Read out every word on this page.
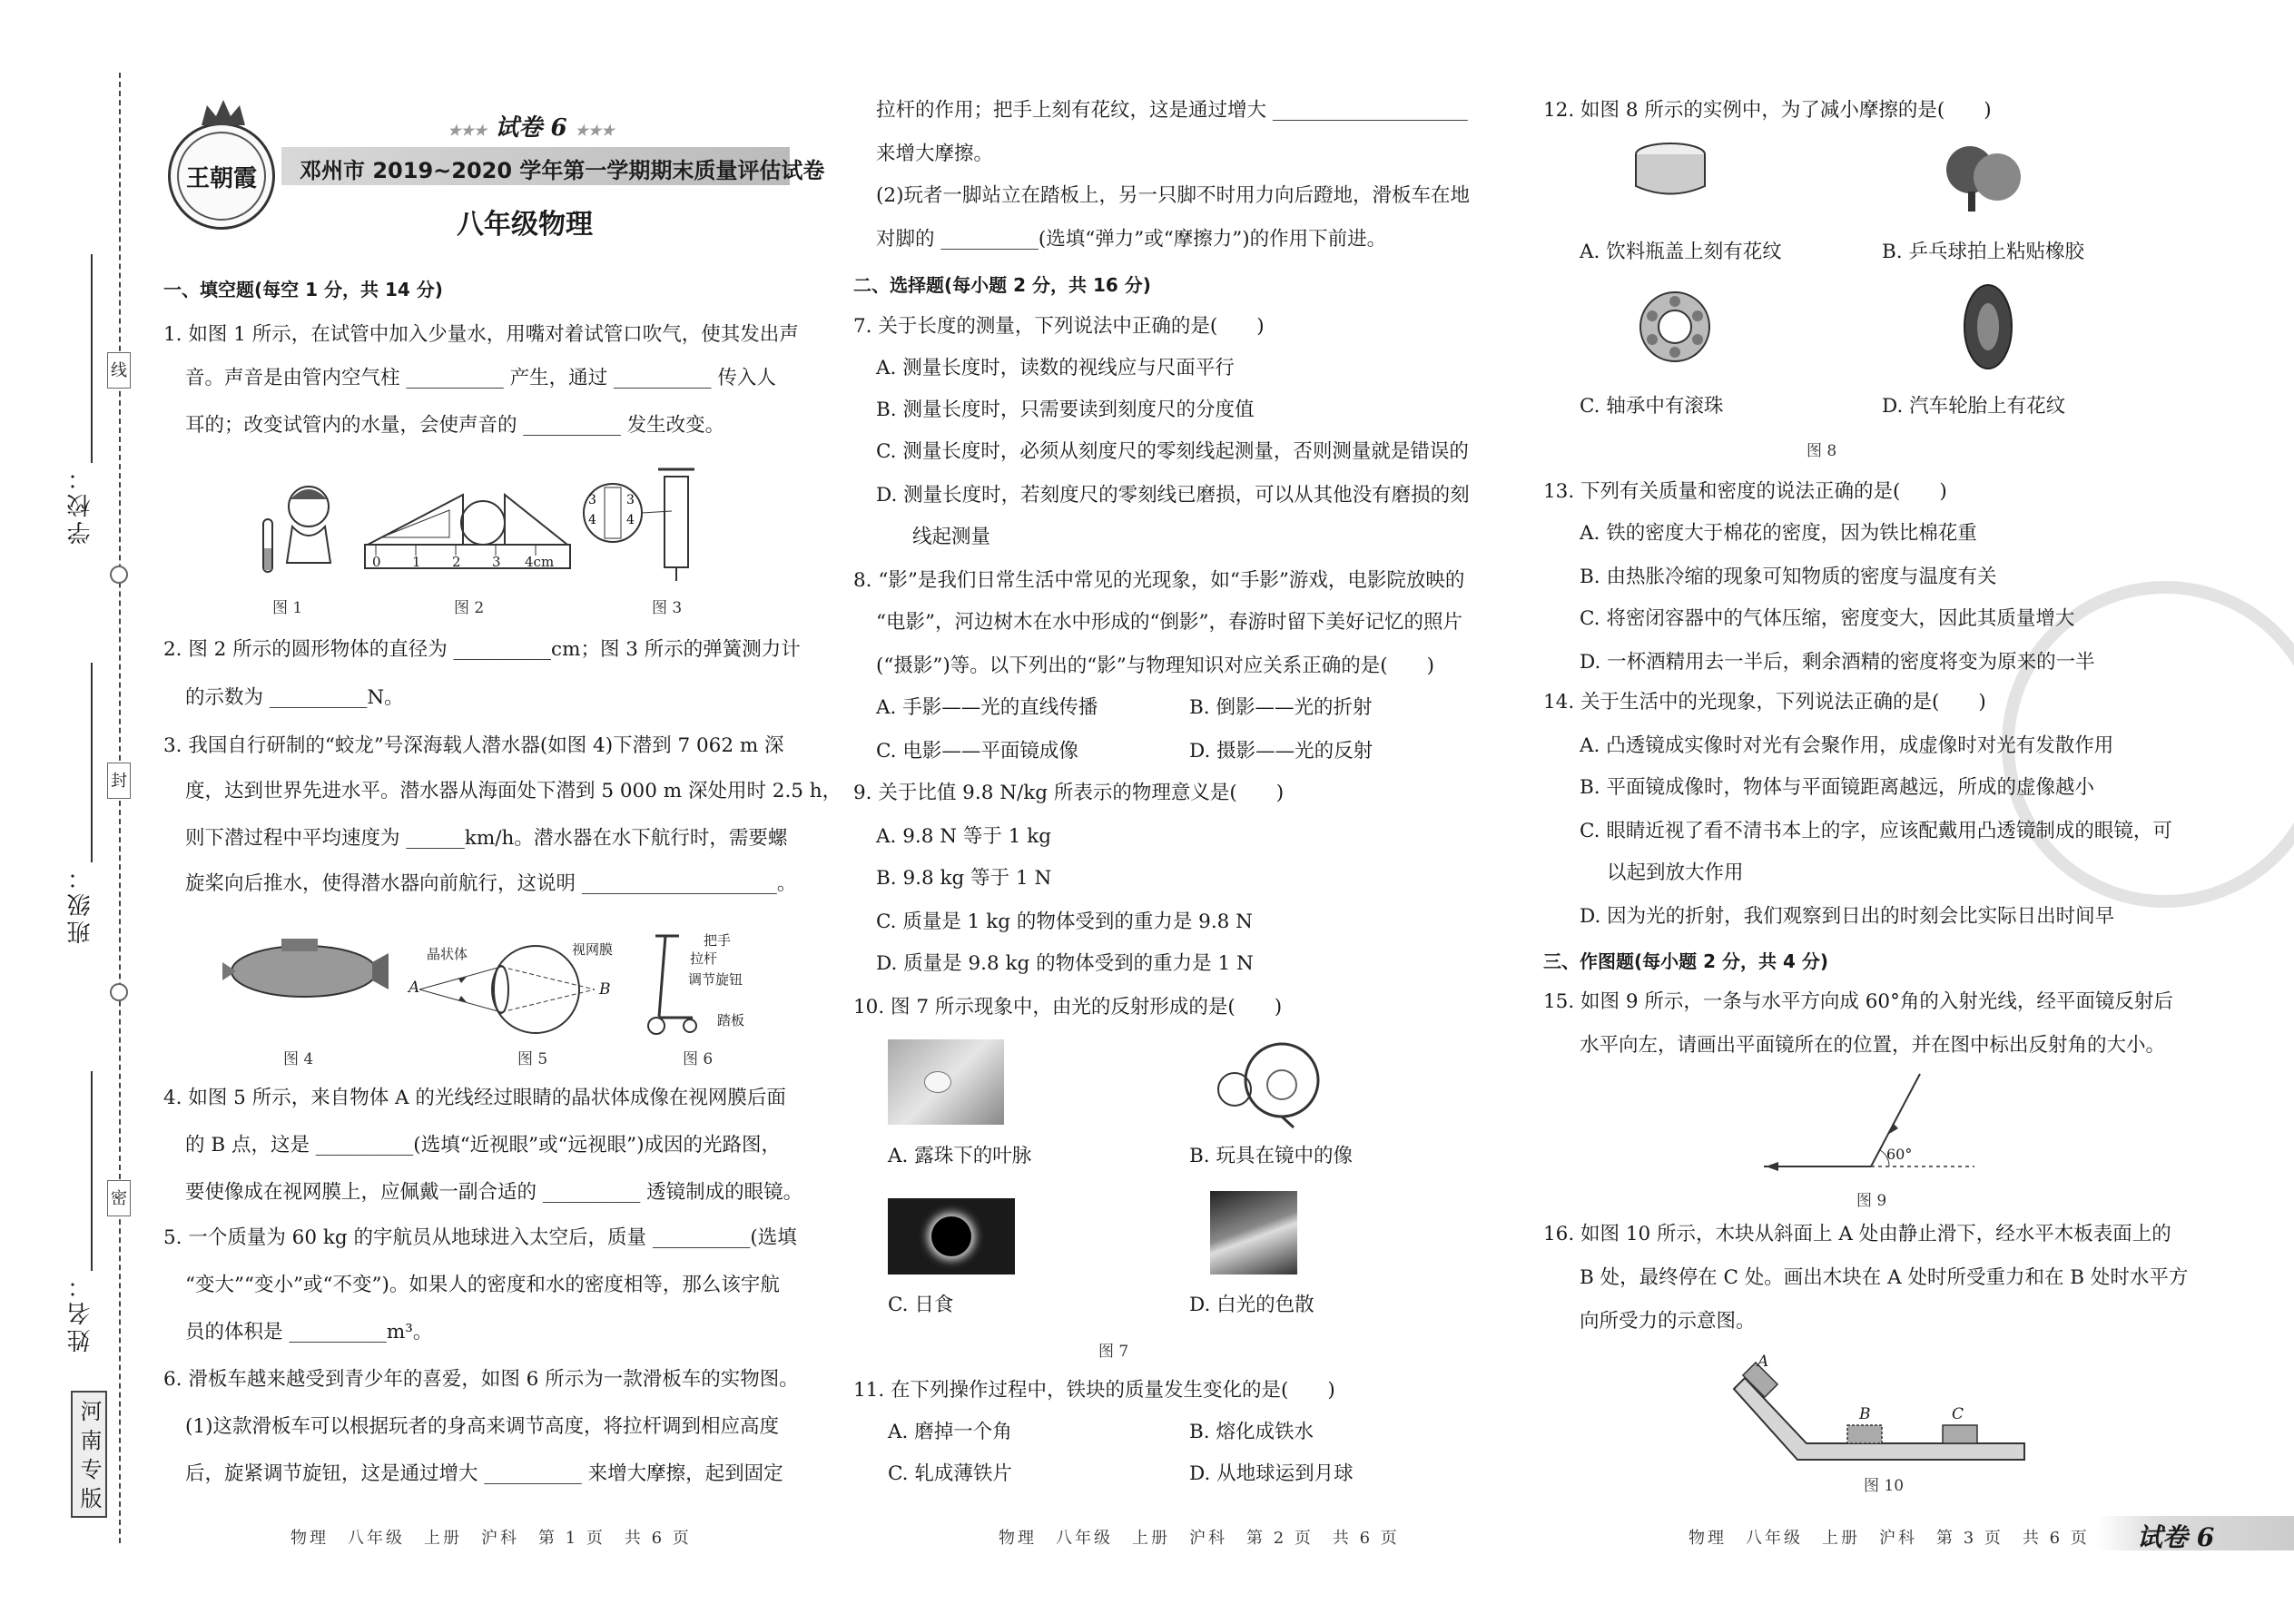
线
封
密
学校：
班级：
姓名：
河南专版
王朝霞
★★★ 试卷 6 ★★★
邓州市 2019~2020 学年第一学期期末质量评估试卷
八年级物理
一、填空题(每空 1 分，共 14 分)
1. 如图 1 所示，在试管中加入少量水，用嘴对着试管口吹气，使其发出声
音。声音是由管内空气柱 __________ 产生，通过 __________ 传入人
耳的；改变试管内的水量，会使声音的 __________ 发生改变。
图 1
0 1 2 3 4cm
图 2
3
4
3
4
图 3
2. 图 2 所示的圆形物体的直径为 __________cm；图 3 所示的弹簧测力计
的示数为 __________N。
3. 我国自行研制的“蛟龙”号深海载人潜水器(如图 4)下潜到 7 062 m 深
度，达到世界先进水平。潜水器从海面处下潜到 5 000 m 深处用时 2.5 h，
则下潜过程中平均速度为 ______km/h。潜水器在水下航行时，需要螺
旋桨向后推水，使得潜水器向前航行，这说明 ____________________。
图 4
晶状体	视网膜
A	B
图 5
把手
拉杆
调节旋钮
踏板
图 6
4. 如图 5 所示，来自物体 A 的光线经过眼睛的晶状体成像在视网膜后面
的 B 点，这是 __________(选填“近视眼”或“远视眼”)成因的光路图，
要使像成在视网膜上，应佩戴一副合适的 __________ 透镜制成的眼镜。
5. 一个质量为 60 kg 的宇航员从地球进入太空后，质量 __________(选填
“变大”“变小”或“不变”)。如果人的密度和水的密度相等，那么该宇航
员的体积是 __________m³。
6. 滑板车越来越受到青少年的喜爱，如图 6 所示为一款滑板车的实物图。
(1)这款滑板车可以根据玩者的身高来调节高度，将拉杆调到相应高度
后，旋紧调节旋钮，这是通过增大 __________ 来增大摩擦，起到固定
物理　八年级　上册　沪科　第 1 页　共 6 页
拉杆的作用；把手上刻有花纹，这是通过增大 ____________________
来增大摩擦。
(2)玩者一脚站立在踏板上，另一只脚不时用力向后蹬地，滑板车在地
对脚的 __________(选填“弹力”或“摩擦力”)的作用下前进。
二、选择题(每小题 2 分，共 16 分)
7. 关于长度的测量，下列说法中正确的是(　　)
A. 测量长度时，读数的视线应与尺面平行
B. 测量长度时，只需要读到刻度尺的分度值
C. 测量长度时，必须从刻度尺的零刻线起测量，否则测量就是错误的
D. 测量长度时，若刻度尺的零刻线已磨损，可以从其他没有磨损的刻
线起测量
8. “影”是我们日常生活中常见的光现象，如“手影”游戏，电影院放映的
“电影”，河边树木在水中形成的“倒影”，春游时留下美好记忆的照片
(“摄影”)等。以下列出的“影”与物理知识对应关系正确的是(　　)
A. 手影——光的直线传播	B. 倒影——光的折射
C. 电影——平面镜成像	D. 摄影——光的反射
9. 关于比值 9.8 N/kg 所表示的物理意义是(　　)
A. 9.8 N 等于 1 kg
B. 9.8 kg 等于 1 N
C. 质量是 1 kg 的物体受到的重力是 9.8 N
D. 质量是 9.8 kg 的物体受到的重力是 1 N
10. 图 7 所示现象中，由光的反射形成的是(　　)
A. 露珠下的叶脉	B. 玩具在镜中的像
C. 日食	D. 白光的色散
图 7
11. 在下列操作过程中，铁块的质量发生变化的是(　　)
A. 磨掉一个角	B. 熔化成铁水
C. 轧成薄铁片	D. 从地球运到月球
物理　八年级　上册　沪科　第 2 页　共 6 页
12. 如图 8 所示的实例中，为了减小摩擦的是(　　)
A. 饮料瓶盖上刻有花纹	B. 乒乓球拍上粘贴橡胶
C. 轴承中有滚珠	D. 汽车轮胎上有花纹
图 8
13. 下列有关质量和密度的说法正确的是(　　)
A. 铁的密度大于棉花的密度，因为铁比棉花重
B. 由热胀冷缩的现象可知物质的密度与温度有关
C. 将密闭容器中的气体压缩，密度变大，因此其质量增大
D. 一杯酒精用去一半后，剩余酒精的密度将变为原来的一半
14. 关于生活中的光现象，下列说法正确的是(　　)
A. 凸透镜成实像时对光有会聚作用，成虚像时对光有发散作用
B. 平面镜成像时，物体与平面镜距离越远，所成的虚像越小
C. 眼睛近视了看不清书本上的字，应该配戴用凸透镜制成的眼镜，可
以起到放大作用
D. 因为光的折射，我们观察到日出的时刻会比实际日出时间早
三、作图题(每小题 2 分，共 4 分)
15. 如图 9 所示，一条与水平方向成 60°角的入射光线，经平面镜反射后
水平向左，请画出平面镜所在的位置，并在图中标出反射角的大小。
60°
图 9
16. 如图 10 所示，木块从斜面上 A 处由静止滑下，经水平木板表面上的
B 处，最终停在 C 处。画出木块在 A 处时所受重力和在 B 处时水平方
向所受力的示意图。
A
B	C
图 10
物理　八年级　上册　沪科　第 3 页　共 6 页 试卷 6
